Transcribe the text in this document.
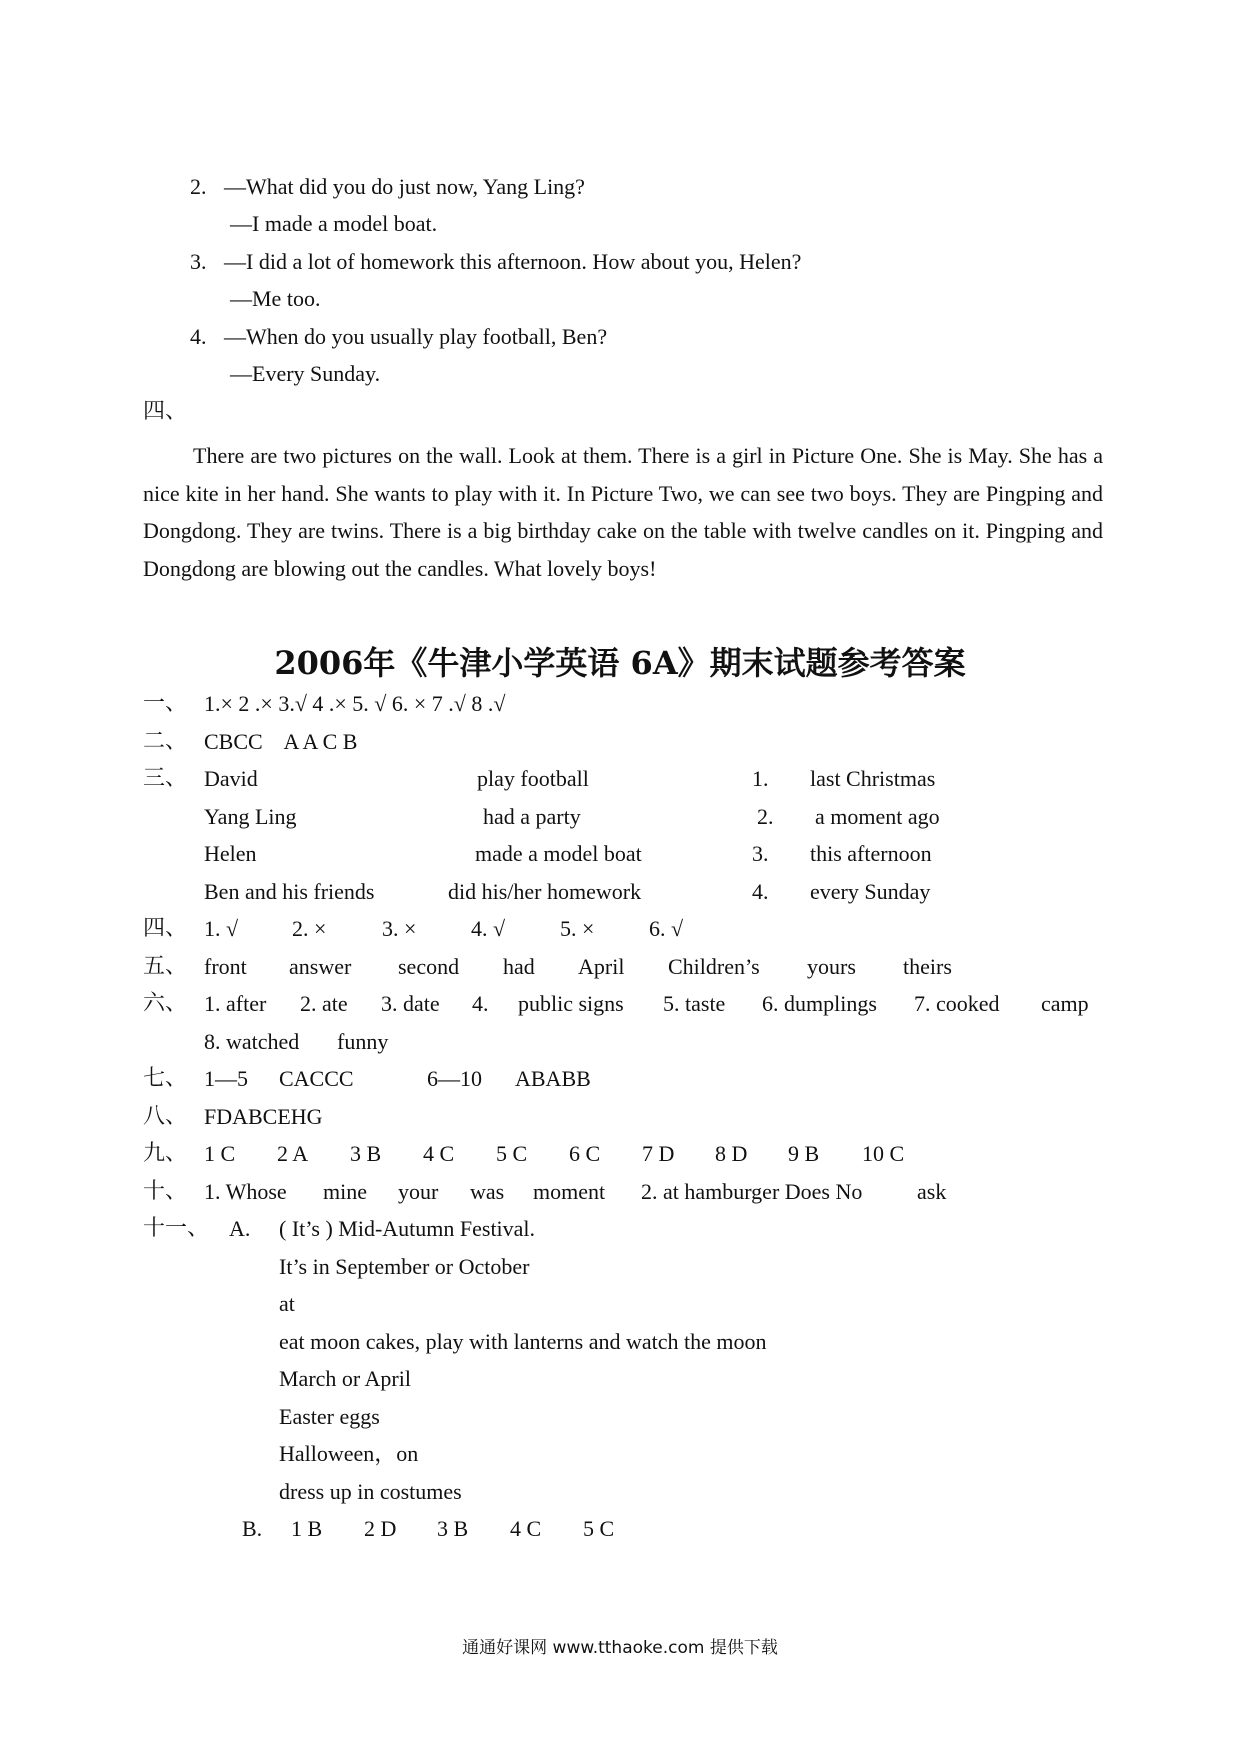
2. —What did you do just now, Yang Ling?
—I made a model boat.
3. —I did a lot of homework this afternoon. How about you, Helen?
—Me too.
4. —When do you usually play football, Ben?
—Every Sunday.
四、

There are two pictures on the wall. Look at them. There is a girl in Picture One. She is May. She has a nice kite in her hand. She wants to play with it. In Picture Two, we can see two boys. They are Pingping and Dongdong. They are twins. There is a big birthday cake on the table with twelve candles on it. Pingping and Dongdong are blowing out the candles. What lovely boys!

2006年《牛津小学英语 6A》期末试题参考答案
一、 1.× 2 .× 3.√ 4 .× 5. √ 6. × 7 .√ 8 .√
二、 CBCC    A A C B
三、 David	play football	1. last Christmas
Yang Ling	had a party	2. a moment ago
Helen	made a model boat	3. this afternoon
Ben and his friends	did his/her homework	4. every Sunday
四、 1. √ 2. ×	3. × 4. √ 5. × 6. √
五、 front answer second had April Children’s yours theirs
六、 1. after 2. ate 3. date 4. public signs 5. taste 6. dumplings 7. cooked camp
8. watched funny
七、 1—5 CACCC	6—10 ABABB
八、 FDABCEHG
九、 1 C 2 A 3 B 4 C 5 C 6 C 7 D 8 D 9 B 10 C
十、 1. Whose mine your was moment 2. at hamburger Does No ask
十一、 A. ( It’s ) Mid-Autumn Festival.
It’s in September or October
at
eat moon cakes, play with lanterns and watch the moon
March or April
Easter eggs
Halloween，on
dress up in costumes
B. 1 B 2 D 3 B 4 C 5 C
通通好课网 www.tthaoke.com 提供下载
